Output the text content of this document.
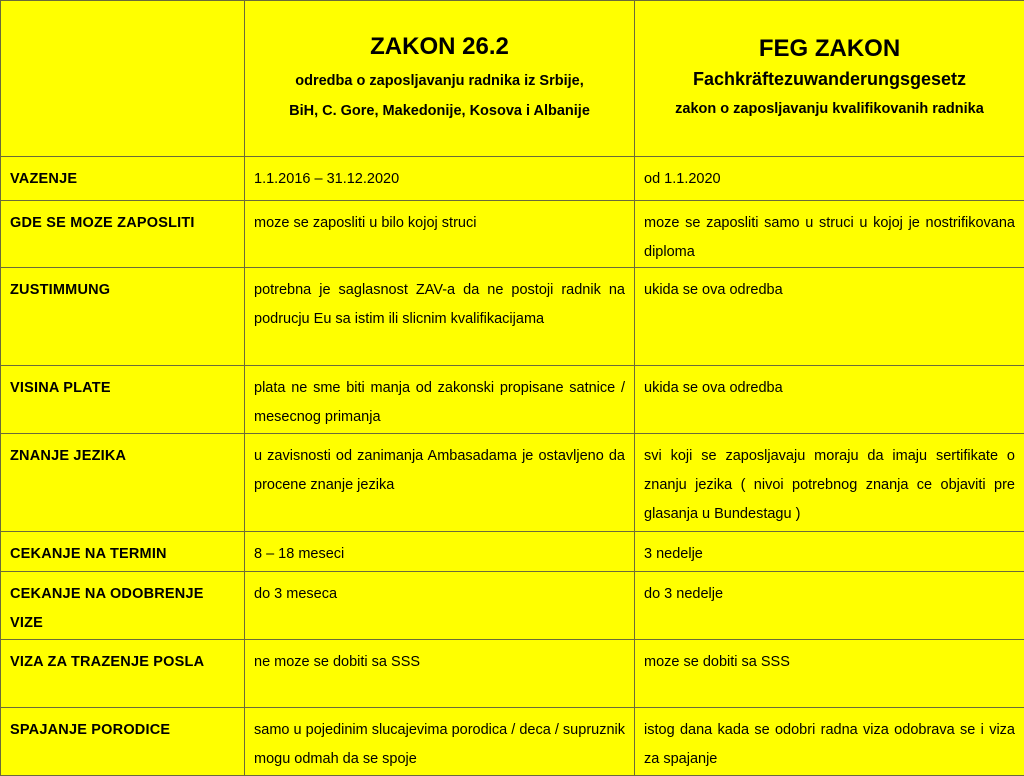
	ZAKON 26.2
odredba o zaposljavanju radnika iz Srbije,
BiH, C. Gore, Makedonije, Kosova i Albanije	FEG ZAKON
Fachkräftezuwanderungsgesetz
zakon o zaposljavanju kvalifikovanih radnika

VAZENJE	1.1.2016 – 31.12.2020	od 1.1.2020
GDE SE MOZE ZAPOSLITI	moze se zaposliti u bilo kojoj struci	moze se zaposliti samo u struci u kojoj je nostrifikovana diploma
ZUSTIMMUNG	potrebna je saglasnost ZAV-a da ne postoji radnik na podrucju Eu sa istim ili slicnim kvalifikacijama	ukida se ova odredba
VISINA PLATE	plata ne sme biti manja od zakonski propisane satnice / mesecnog primanja	ukida se ova odredba
ZNANJE JEZIKA	u zavisnosti od zanimanja Ambasadama je ostavljeno da procene znanje jezika	svi koji se zaposljavaju moraju da imaju sertifikate o znanju jezika ( nivoi potrebnog znanja ce objaviti pre glasanja u Bundestagu )
CEKANJE NA TERMIN	8 – 18 meseci	3 nedelje
CEKANJE NA ODOBRENJE VIZE	do 3 meseca	do 3 nedelje
VIZA ZA TRAZENJE POSLA	ne moze se dobiti sa SSS	moze se dobiti sa SSS
SPAJANJE PORODICE	samo u pojedinim slucajevima porodica / deca / supruznik mogu odmah da se spoje	istog dana kada se odobri radna viza odobrava se i viza za spajanje
